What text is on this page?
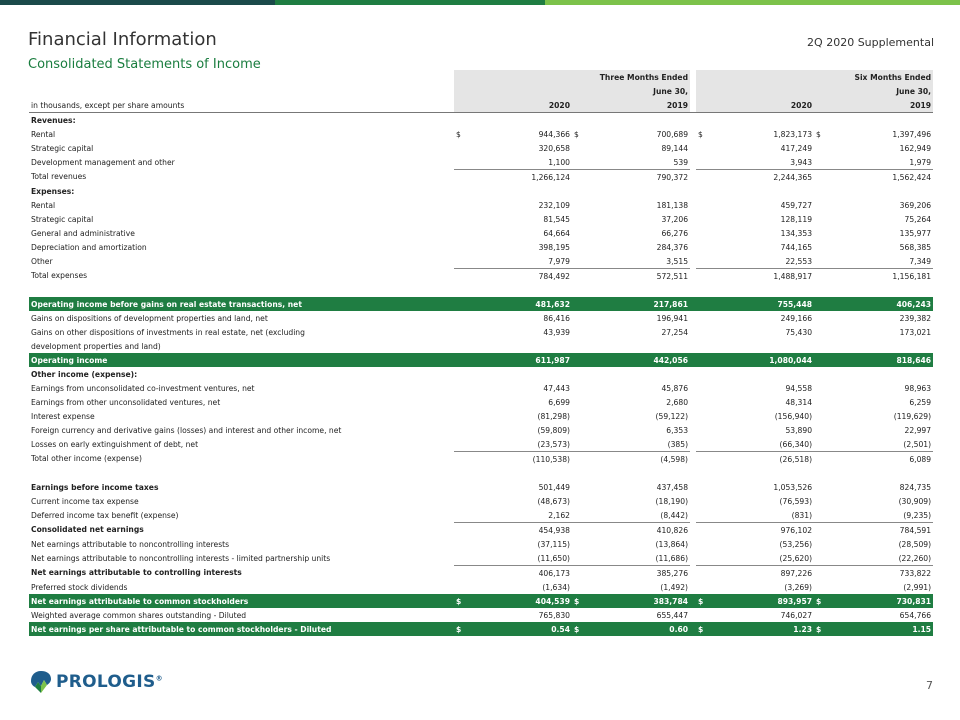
Financial Information
Consolidated Statements of Income
2Q 2020 Supplemental
	Three Months Ended					Six Months Ended			
	June 30,					June 30,			
in thousands, except per share amounts		2020		2019			2020		2019
Revenues:									
Rental	$	944,366	$	700,689		$	1,823,173	$	1,397,496
Strategic capital		320,658		89,144			417,249		162,949
Development management and other		1,100		539			3,943		1,979
Total revenues		1,266,124		790,372			2,244,365		1,562,424
Expenses:									
Rental		232,109		181,138			459,727		369,206
Strategic capital		81,545		37,206			128,119		75,264
General and administrative		64,664		66,276			134,353		135,977
Depreciation and amortization		398,195		284,376			744,165		568,385
Other		7,979		3,515			22,553		7,349
Total expenses		784,492		572,511			1,488,917		1,156,181

Operating income before gains on real estate transactions, net		481,632		217,861			755,448		406,243
Gains on dispositions of development properties and land, net		86,416		196,941			249,166		239,382
Gains on other dispositions of investments in real estate, net (excluding		43,939		27,254			75,430		173,021
development properties and land)									
Operating income		611,987		442,056			1,080,044		818,646
Other income (expense):									
Earnings from unconsolidated co-investment ventures, net		47,443		45,876			94,558		98,963
Earnings from other unconsolidated ventures, net		6,699		2,680			48,314		6,259
Interest expense		(81,298)		(59,122)			(156,940)		(119,629)
Foreign currency and derivative gains (losses) and interest and other income, net		(59,809)		6,353			53,890		22,997
Losses on early extinguishment of debt, net		(23,573)		(385)			(66,340)		(2,501)
Total other income (expense)		(110,538)		(4,598)			(26,518)		6,089

Earnings before income taxes		501,449		437,458			1,053,526		824,735
Current income tax expense		(48,673)		(18,190)			(76,593)		(30,909)
Deferred income tax benefit (expense)		2,162		(8,442)			(831)		(9,235)
Consolidated net earnings		454,938		410,826			976,102		784,591
Net earnings attributable to noncontrolling interests		(37,115)		(13,864)			(53,256)		(28,509)
Net earnings attributable to noncontrolling interests - limited partnership units		(11,650)		(11,686)			(25,620)		(22,260)
Net earnings attributable to controlling interests		406,173		385,276			897,226		733,822
Preferred stock dividends		(1,634)		(1,492)			(3,269)		(2,991)
Net earnings attributable to common stockholders	$	404,539	$	383,784		$	893,957	$	730,831
Weighted average common shares outstanding - Diluted		765,830		655,447			746,027		654,766
Net earnings per share attributable to common stockholders - Diluted	$	0.54	$	0.60		$	1.23	$	1.15
PROLOGIS®
7
